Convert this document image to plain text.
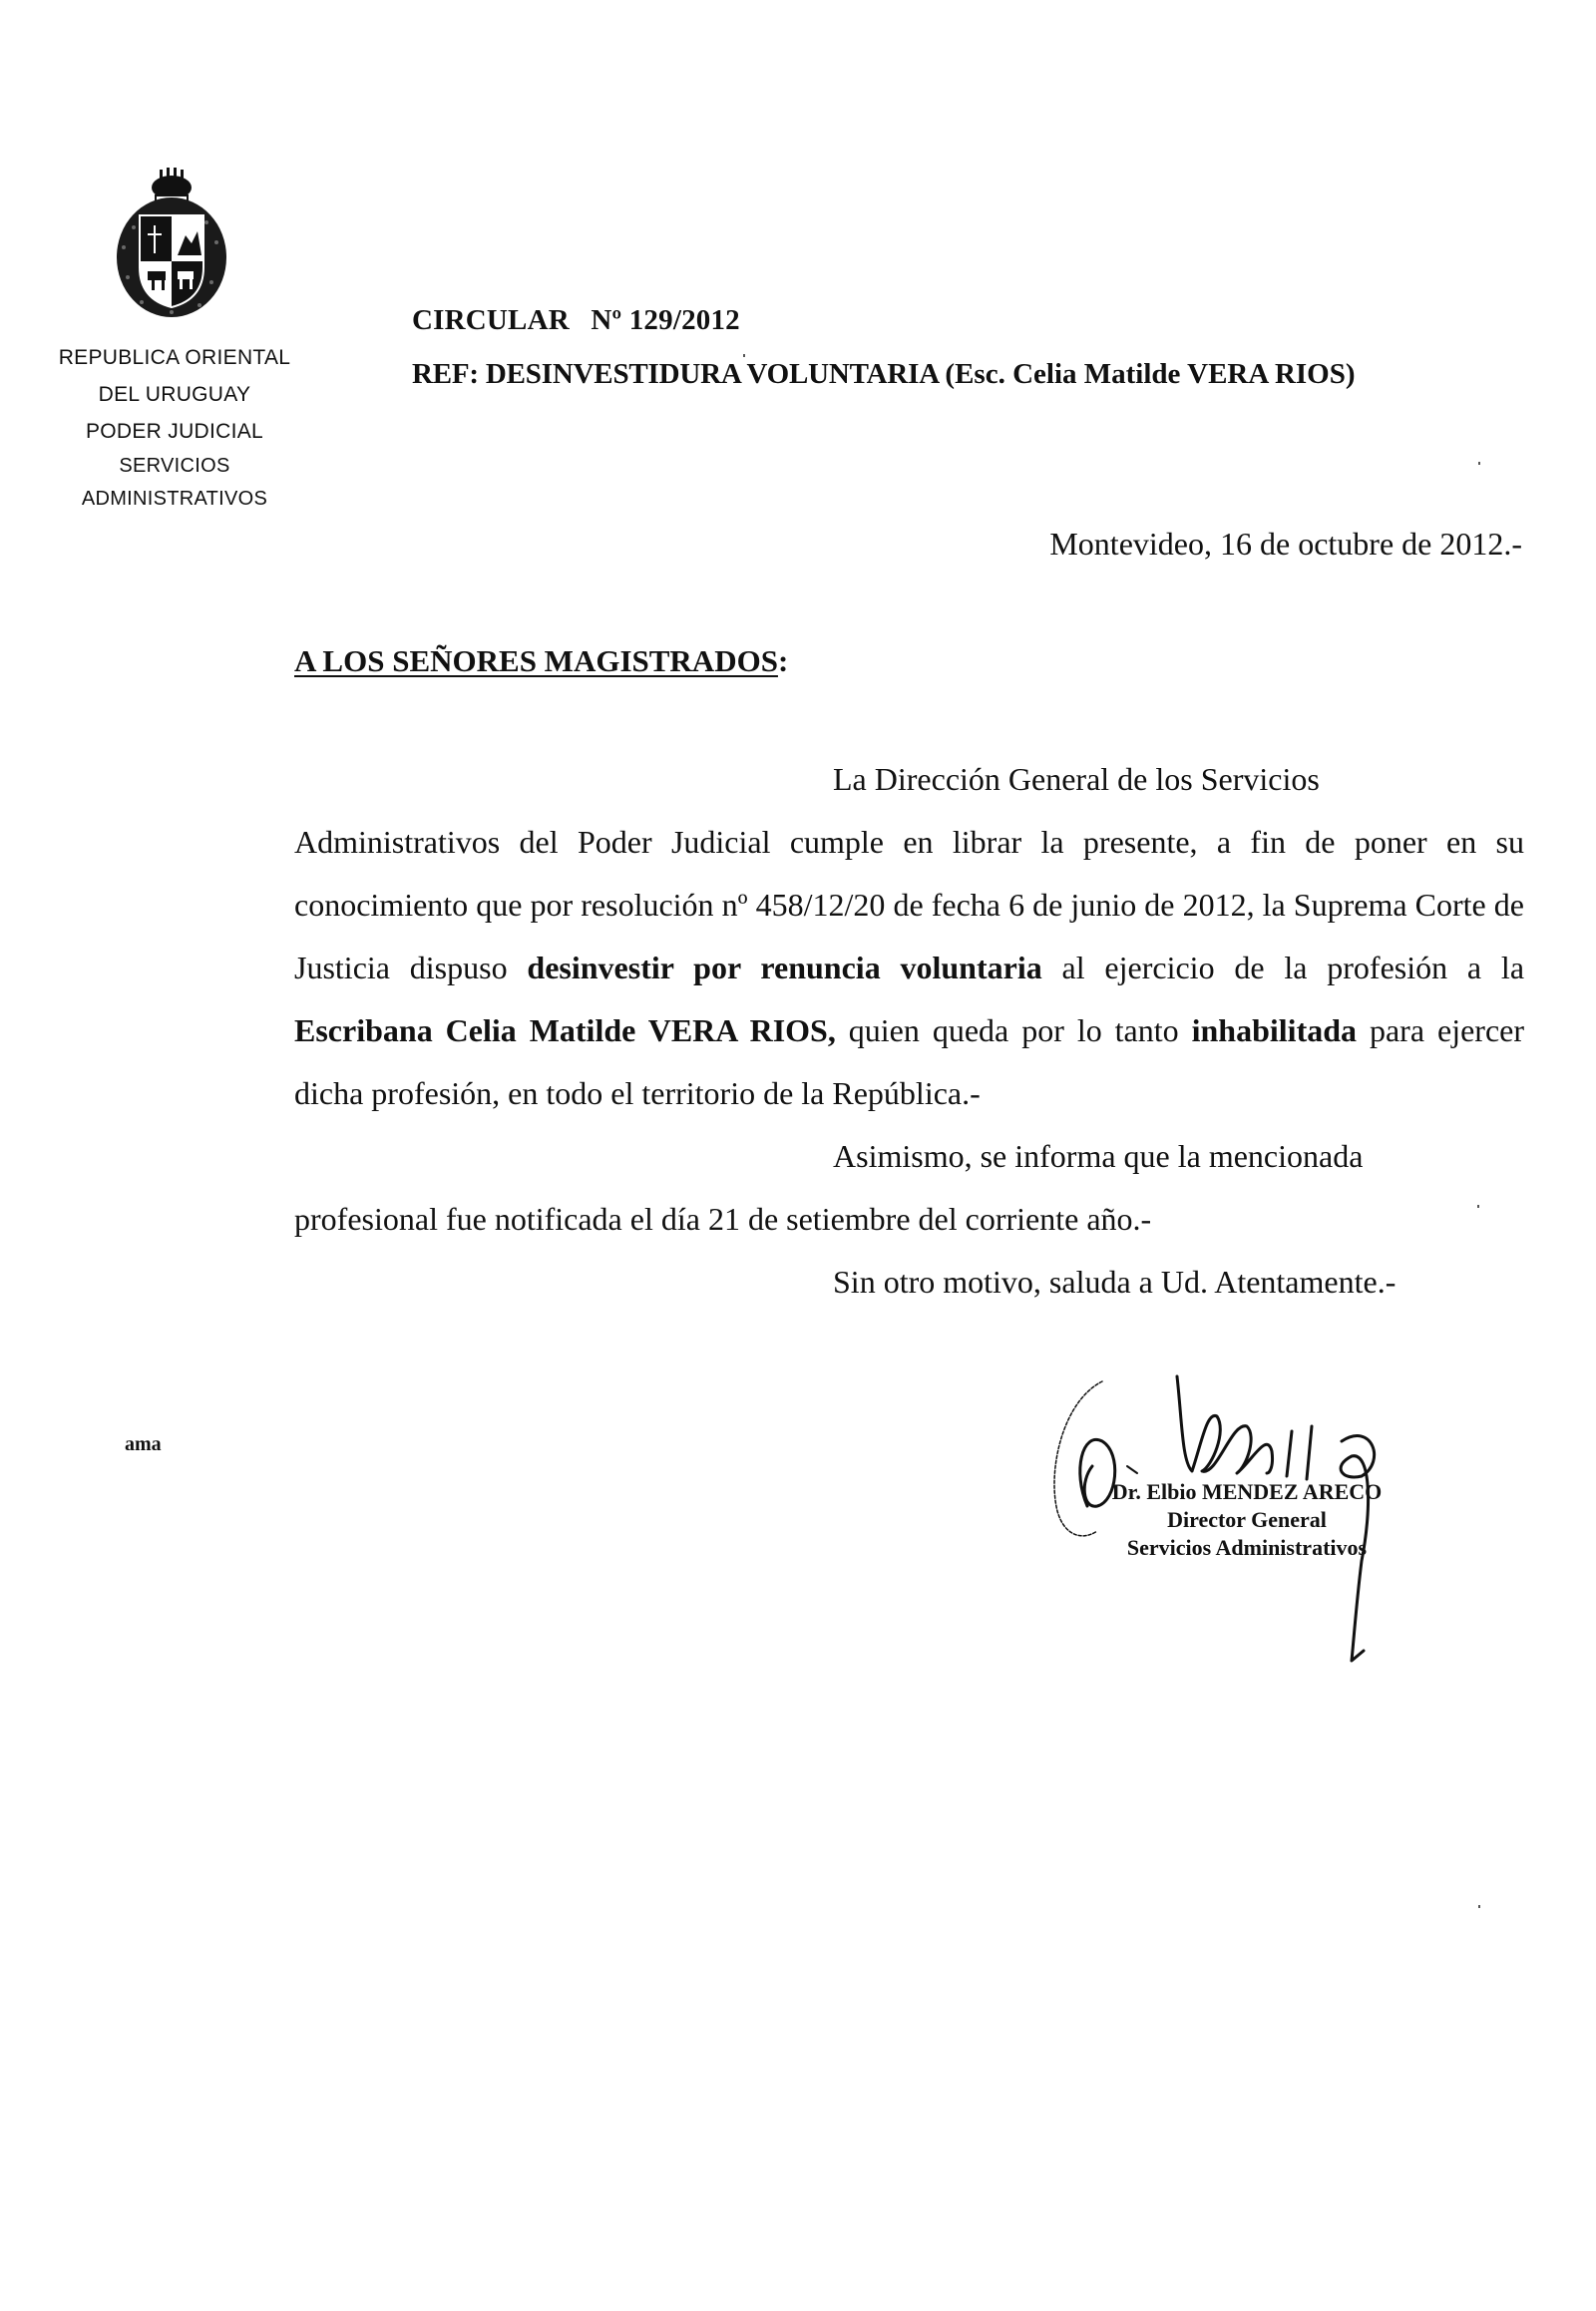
REPUBLICA ORIENTAL
DEL URUGUAY
PODER JUDICIAL
SERVICIOS
ADMINISTRATIVOS
CIRCULAR Nº 129/2012
REF: DESINVESTIDURA VOLUNTARIA (Esc. Celia Matilde VERA RIOS)
Montevideo, 16 de octubre de 2012.-
A LOS SEÑORES MAGISTRADOS:

La Dirección General de los Servicios

Administrativos del Poder Judicial cumple en librar la presente, a fin de poner en su conocimiento que por resolución nº 458/12/20 de fecha 6 de junio de 2012, la Suprema Corte de Justicia dispuso desinvestir por renuncia voluntaria al ejercicio de la profesión a la Escribana Celia Matilde VERA RIOS, quien queda por lo tanto inhabilitada para ejercer dicha profesión, en todo el territorio de la República.-

Asimismo, se informa que la mencionada

profesional fue notificada el día 21 de setiembre del corriente año.-

Sin otro motivo, saluda a Ud. Atentamente.-

Dr. Elbio MENDEZ ARECO
Director General
Servicios Administrativos
ama
